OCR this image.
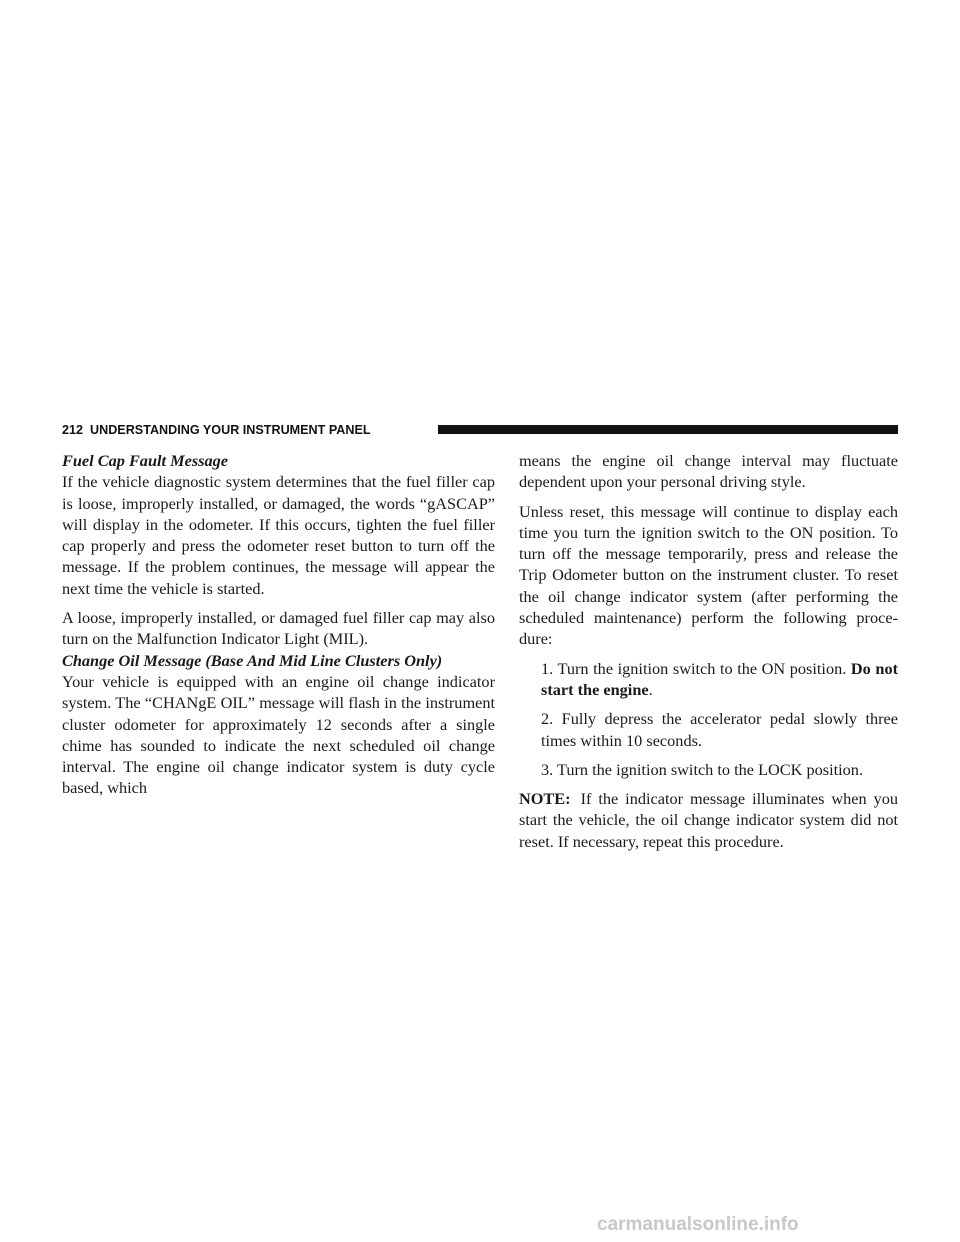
212 UNDERSTANDING YOUR INSTRUMENT PANEL
Fuel Cap Fault Message

If the vehicle diagnostic system determines that the fuel filler cap is loose, improperly installed, or damaged, the words “gASCAP” will display in the odometer. If this occurs, tighten the fuel filler cap properly and press the odometer reset button to turn off the message. If the problem continues, the message will appear the next time the vehicle is started.

A loose, improperly installed, or damaged fuel filler cap may also turn on the Malfunction Indicator Light (MIL).

Change Oil Message (Base And Mid Line Clusters Only)

Your vehicle is equipped with an engine oil change indicator system. The “CHANgE OIL” message will flash in the instrument cluster odometer for approximately 12 seconds after a single chime has sounded to indicate the next scheduled oil change interval. The engine oil change indicator system is duty cycle based, which

means the engine oil change interval may fluctuate dependent upon your personal driving style.

Unless reset, this message will continue to display each time you turn the ignition switch to the ON position. To turn off the message temporarily, press and release the Trip Odometer button on the instrument cluster. To reset the oil change indicator system (after performing the scheduled maintenance) perform the following proce-dure:

1. Turn the ignition switch to the ON position. Do not start the engine.

2. Fully depress the accelerator pedal slowly three times within 10 seconds.

3. Turn the ignition switch to the LOCK position.

NOTE: If the indicator message illuminates when you start the vehicle, the oil change indicator system did not reset. If necessary, repeat this procedure.

carmanualsonline.info
